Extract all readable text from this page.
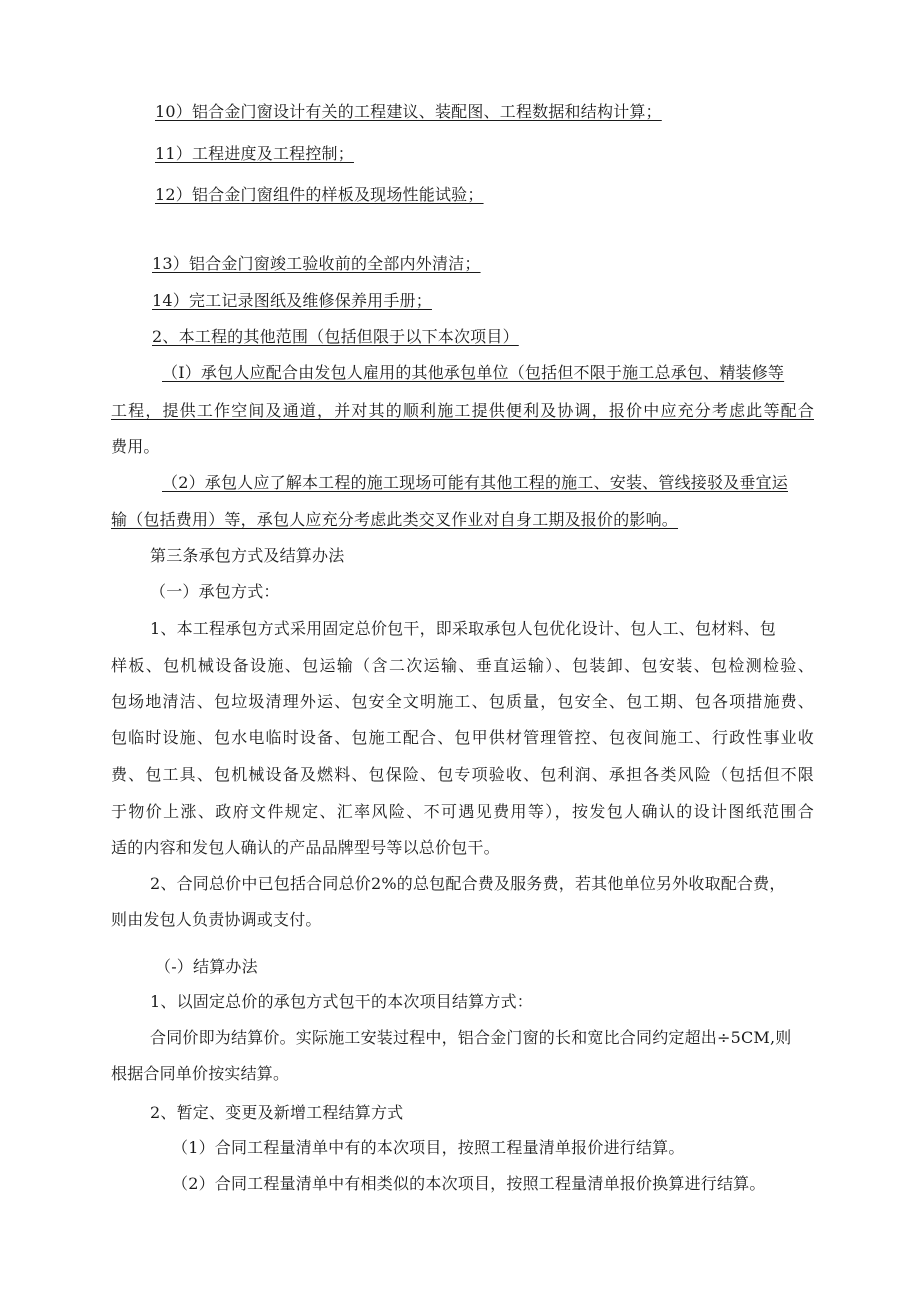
10）铝合金门窗设计有关的工程建议、装配图、工程数据和结构计算；
11）工程进度及工程控制；
12）铝合金门窗组件的样板及现场性能试验；
13）铝合金门窗竣工验收前的全部内外清洁；
14）完工记录图纸及维修保养用手册；
2、本工程的其他范围（包括但限于以下本次项目）
（I）承包人应配合由发包人雇用的其他承包单位（包括但不限于施工总承包、精装修等
工程，提供工作空间及通道，并对其的顺利施工提供便利及协调，报价中应充分考虑此等配合
费用。
（2）承包人应了解本工程的施工现场可能有其他工程的施工、安装、管线接驳及垂宜运
输（包括费用）等，承包人应充分考虑此类交叉作业对自身工期及报价的影响。
第三条承包方式及结算办法
（一）承包方式：
1、本工程承包方式采用固定总价包干，即采取承包人包优化设计、包人工、包材料、包
样板、包机械设备设施、包运输（含二次运输、垂直运输）、包装卸、包安装、包检测检验、
包场地清洁、包垃圾清理外运、包安全文明施工、包质量，包安全、包工期、包各项措施费、
包临时设施、包水电临时设备、包施工配合、包甲供材管理管控、包夜间施工、行政性事业收
费、包工具、包机械设备及燃料、包保险、包专项验收、包利润、承担各类风险（包括但不限
于物价上涨、政府文件规定、汇率风险、不可遇见费用等），按发包人确认的设计图纸范围合
适的内容和发包人确认的产品品牌型号等以总价包干。
2、合同总价中已包括合同总价2%的总包配合费及服务费，若其他单位另外收取配合费，
则由发包人负责协调或支付。
（-）结算办法
1、以固定总价的承包方式包干的本次项目结算方式：
合同价即为结算价。实际施工安装过程中，铝合金门窗的长和宽比合同约定超出÷5CM,则
根据合同单价按实结算。
2、暂定、变更及新增工程结算方式
（1）合同工程量清单中有的本次项目，按照工程量清单报价进行结算。
（2）合同工程量清单中有相类似的本次项目，按照工程量清单报价换算进行结算。
